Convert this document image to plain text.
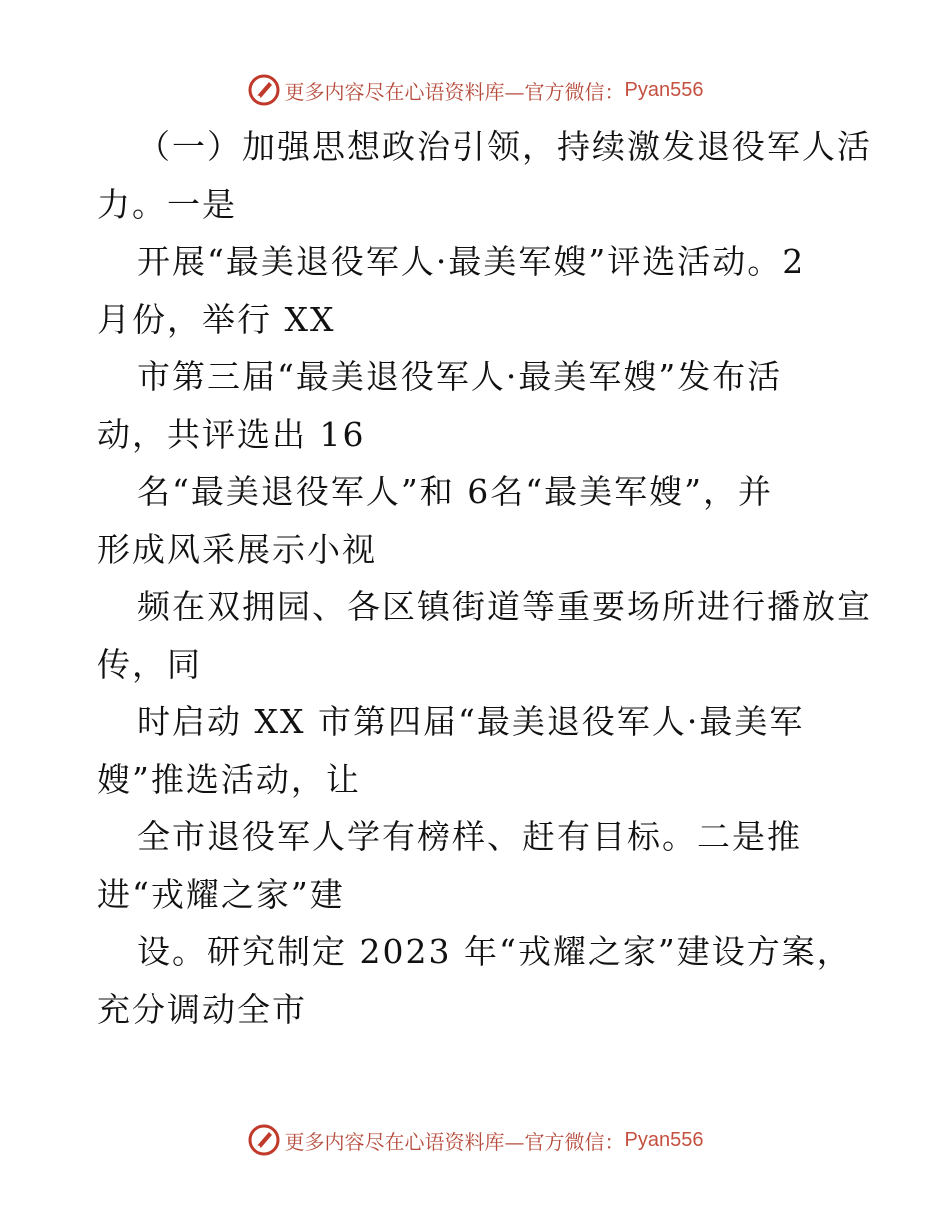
更多内容尽在心语资料库—官方微信： Pyan556
（一）加强思想政治引领，持续激发退役军人活
力。一是
开展“最美退役军人·最美军嫂”评选活动。2
月份，举行 XX
市第三届“最美退役军人·最美军嫂”发布活
动，共评选出 16
名“最美退役军人”和 6名“最美军嫂”，并
形成风采展示小视
频在双拥园、各区镇街道等重要场所进行播放宣
传，同
时启动 XX 市第四届“最美退役军人·最美军
嫂”推选活动，让
全市退役军人学有榜样、赶有目标。二是推
进“戎耀之家”建
设。研究制定 2023 年“戎耀之家”建设方案，
充分调动全市
更多内容尽在心语资料库—官方微信： Pyan556
